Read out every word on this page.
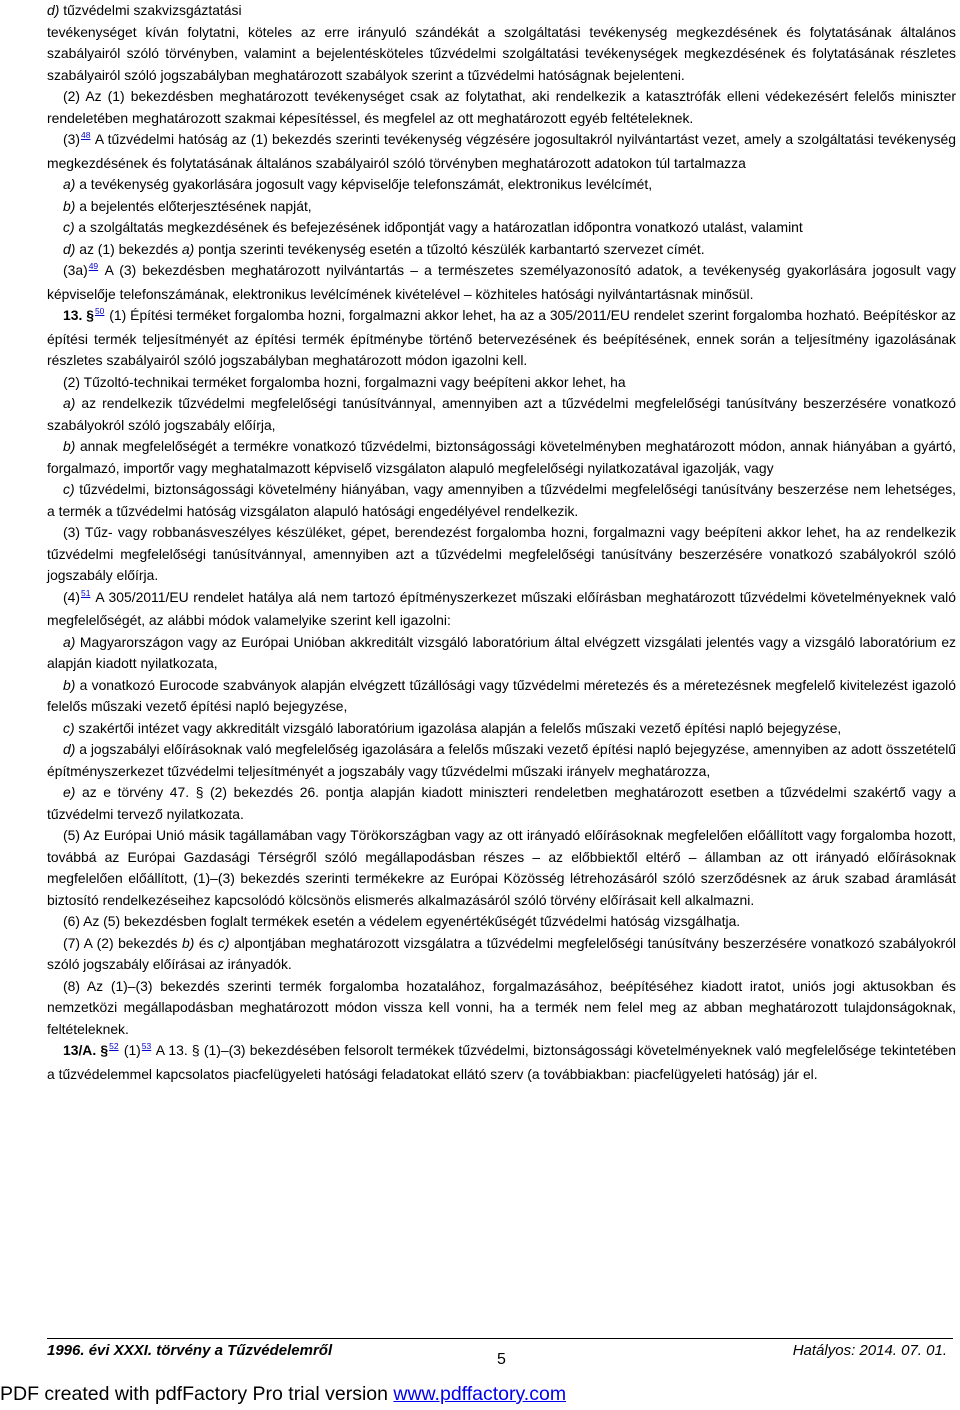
d) tűzvédelmi szakvizsgáztatási

tevékenységet kíván folytatni, köteles az erre irányuló szándékát a szolgáltatási tevékenység megkezdésének és folytatásának általános szabályairól szóló törvényben, valamint a bejelentésköteles tűzvédelmi szolgáltatási tevékenységek megkezdésének és folytatásának részletes szabályairól szóló jogszabályban meghatározott szabályok szerint a tűzvédelmi hatóságnak bejelenteni.

(2) Az (1) bekezdésben meghatározott tevékenységet csak az folytathat, aki rendelkezik a katasztrófák elleni védekezésért felelős miniszter rendeletében meghatározott szakmai képesítéssel, és megfelel az ott meghatározott egyéb feltételeknek.

$(3)^{48}$ A tűzvédelmi hatóság az (1) bekezdés szerinti tevékenység végzésére jogosultakról nyilvántartást vezet, amely a szolgáltatási tevékenység megkezdésének és folytatásának általános szabályairól szóló törvényben meghatározott adatokon túl tartalmazza

a) a tevékenység gyakorlására jogosult vagy képviselője telefonszámát, elektronikus levélcímét,

b) a bejelentés előterjesztésének napját,

c) a szolgáltatás megkezdésének és befejezésének időpontját vagy a határozatlan időpontra vonatkozó utalást, valamint

d) az (1) bekezdés a) pontja szerinti tevékenység esetén a tűzoltó készülék karbantartó szervezet címét.

$(3a)^{49}$ A (3) bekezdésben meghatározott nyilvántartás – a természetes személyazonosító adatok, a tevékenység gyakorlására jogosult vagy képviselője telefonszámának, elektronikus levélcímének kivételével – közhiteles hatósági nyilvántartásnak minősül.

13. §$^{50}$ (1) Építési terméket forgalomba hozni, forgalmazni akkor lehet, ha az a 305/2011/EU rendelet szerint forgalomba hozható. Beépítéskor az építési termék teljesítményét az építési termék építménybe történő betervezésének és beépítésének, ennek során a teljesítmény igazolásának részletes szabályairól szóló jogszabályban meghatározott módon igazolni kell.

(2) Tűzoltó-technikai terméket forgalomba hozni, forgalmazni vagy beépíteni akkor lehet, ha

a) az rendelkezik tűzvédelmi megfelelőségi tanúsítvánnyal, amennyiben azt a tűzvédelmi megfelelőségi tanúsítvány beszerzésére vonatkozó szabályokról szóló jogszabály előírja,

b) annak megfelelőségét a termékre vonatkozó tűzvédelmi, biztonságossági követelményben meghatározott módon, annak hiányában a gyártó, forgalmazó, importőr vagy meghatalmazott képviselő vizsgálaton alapuló megfelelőségi nyilatkozatával igazolják, vagy

c) tűzvédelmi, biztonságossági követelmény hiányában, vagy amennyiben a tűzvédelmi megfelelőségi tanúsítvány beszerzése nem lehetséges, a termék a tűzvédelmi hatóság vizsgálaton alapuló hatósági engedélyével rendelkezik.

(3) Tűz- vagy robbanásveszélyes készüléket, gépet, berendezést forgalomba hozni, forgalmazni vagy beépíteni akkor lehet, ha az rendelkezik tűzvédelmi megfelelőségi tanúsítvánnyal, amennyiben azt a tűzvédelmi megfelelőségi tanúsítvány beszerzésére vonatkozó szabályokról szóló jogszabály előírja.

$(4)^{51}$ A 305/2011/EU rendelet hatálya alá nem tartozó építményszerkezet műszaki előírásban meghatározott tűzvédelmi követelményeknek való megfelelőségét, az alábbi módok valamelyike szerint kell igazolni:

a) Magyarországon vagy az Európai Unióban akkreditált vizsgáló laboratórium által elvégzett vizsgálati jelentés vagy a vizsgáló laboratórium ez alapján kiadott nyilatkozata,

b) a vonatkozó Eurocode szabványok alapján elvégzett tűzállósági vagy tűzvédelmi méretezés és a méretezésnek megfelelő kivitelezést igazoló felelős műszaki vezető építési napló bejegyzése,

c) szakértői intézet vagy akkreditált vizsgáló laboratórium igazolása alapján a felelős műszaki vezető építési napló bejegyzése,

d) a jogszabályi előírásoknak való megfelelőség igazolására a felelős műszaki vezető építési napló bejegyzése, amennyiben az adott összetételű építményszerkezet tűzvédelmi teljesítményét a jogszabály vagy tűzvédelmi műszaki irányelv meghatározza,

e) az e törvény 47. § (2) bekezdés 26. pontja alapján kiadott miniszteri rendeletben meghatározott esetben a tűzvédelmi szakértő vagy a tűzvédelmi tervező nyilatkozata.

(5) Az Európai Unió másik tagállamában vagy Törökországban vagy az ott irányadó előírásoknak megfelelően előállított vagy forgalomba hozott, továbbá az Európai Gazdasági Térségről szóló megállapodásban részes – az előbbiektől eltérő – államban az ott irányadó előírásoknak megfelelően előállított, (1)–(3) bekezdés szerinti termékekre az Európai Közösség létrehozásáról szóló szerződésnek az áruk szabad áramlását biztosító rendelkezéseihez kapcsolódó kölcsönös elismerés alkalmazásáról szóló törvény előírásait kell alkalmazni.

(6) Az (5) bekezdésben foglalt termékek esetén a védelem egyenértékűségét tűzvédelmi hatóság vizsgálhatja.

(7) A (2) bekezdés b) és c) alpontjában meghatározott vizsgálatra a tűzvédelmi megfelelőségi tanúsítvány beszerzésére vonatkozó szabályokról szóló jogszabály előírásai az irányadók.

(8) Az (1)–(3) bekezdés szerinti termék forgalomba hozatalához, forgalmazásához, beépítéséhez kiadott iratot, uniós jogi aktusokban és nemzetközi megállapodásban meghatározott módon vissza kell vonni, ha a termék nem felel meg az abban meghatározott tulajdonságoknak, feltételeknek.

13/A. §$^{52}$ $(1)^{53}$ A 13. § (1)–(3) bekezdésében felsorolt termékek tűzvédelmi, biztonságossági követelményeknek való megfelelősége tekintetében a tűzvédelemmel kapcsolatos piacfelügyeleti hatósági feladatokat ellátó szerv (a továbbiakban: piacfelügyeleti hatóság) jár el.

1996. évi XXXI. törvény a Tűzvédelemről
5
Hatályos: 2014. 07. 01.
PDF created with pdfFactory Pro trial version www.pdffactory.com
